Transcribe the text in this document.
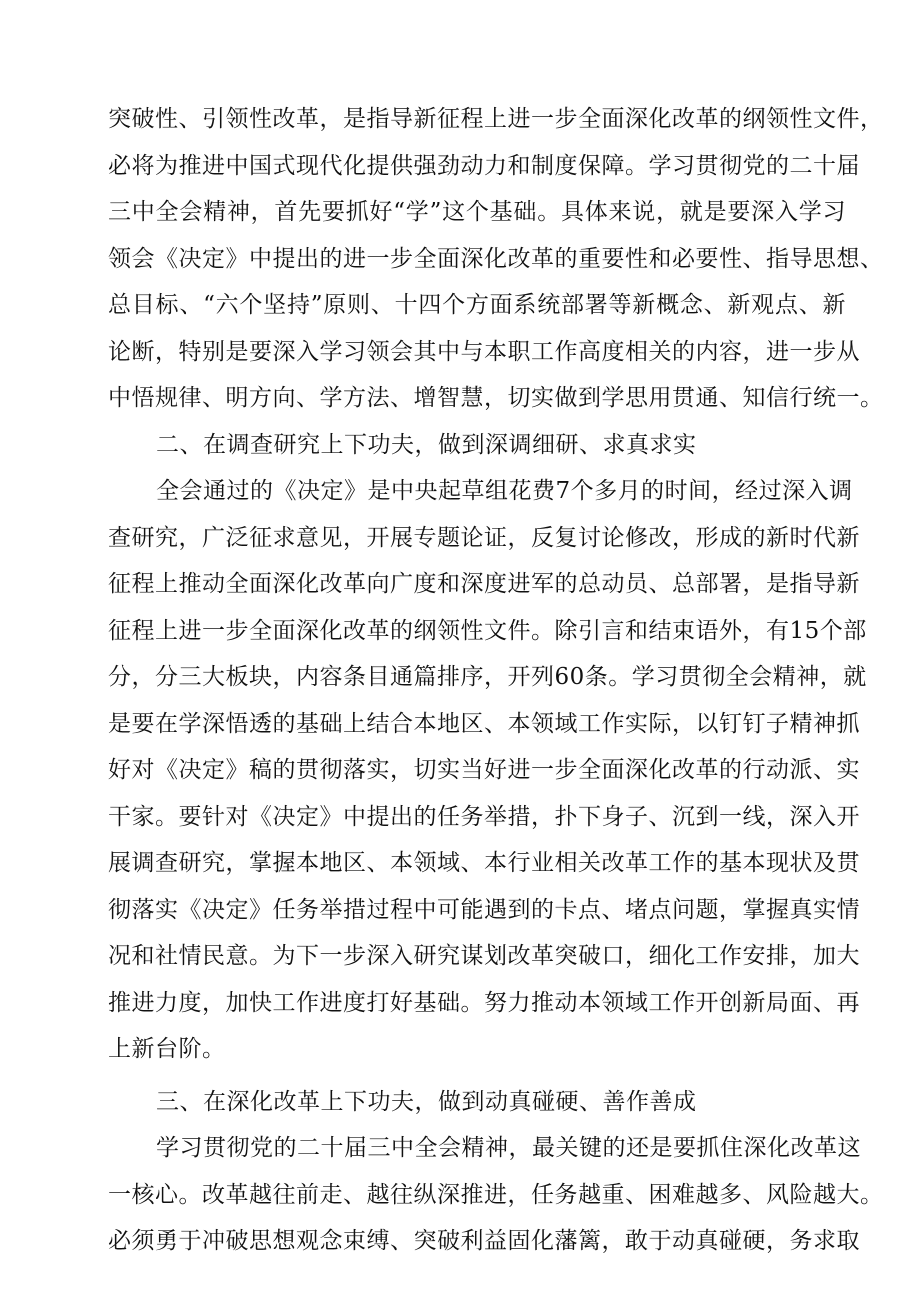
突破性、引领性改革，是指导新征程上进一步全面深化改革的纲领性文件，
必将为推进中国式现代化提供强劲动力和制度保障。学习贯彻党的二十届
三中全会精神，首先要抓好“学”这个基础。具体来说，就是要深入学习
领会《决定》中提出的进一步全面深化改革的重要性和必要性、指导思想、
总目标、“六个坚持”原则、十四个方面系统部署等新概念、新观点、新
论断，特别是要深入学习领会其中与本职工作高度相关的内容，进一步从
中悟规律、明方向、学方法、增智慧，切实做到学思用贯通、知信行统一。
二、在调查研究上下功夫，做到深调细研、求真求实
全会通过的《决定》是中央起草组花费7个多月的时间，经过深入调
查研究，广泛征求意见，开展专题论证，反复讨论修改，形成的新时代新
征程上推动全面深化改革向广度和深度进军的总动员、总部署，是指导新
征程上进一步全面深化改革的纲领性文件。除引言和结束语外，有15个部
分，分三大板块，内容条目通篇排序，开列60条。学习贯彻全会精神，就
是要在学深悟透的基础上结合本地区、本领域工作实际，以钉钉子精神抓
好对《决定》稿的贯彻落实，切实当好进一步全面深化改革的行动派、实
干家。要针对《决定》中提出的任务举措，扑下身子、沉到一线，深入开
展调查研究，掌握本地区、本领域、本行业相关改革工作的基本现状及贯
彻落实《决定》任务举措过程中可能遇到的卡点、堵点问题，掌握真实情
况和社情民意。为下一步深入研究谋划改革突破口，细化工作安排，加大
推进力度，加快工作进度打好基础。努力推动本领域工作开创新局面、再
上新台阶。
三、在深化改革上下功夫，做到动真碰硬、善作善成
学习贯彻党的二十届三中全会精神，最关键的还是要抓住深化改革这
一核心。改革越往前走、越往纵深推进，任务越重、困难越多、风险越大。
必须勇于冲破思想观念束缚、突破利益固化藩篱，敢于动真碰硬，务求取
